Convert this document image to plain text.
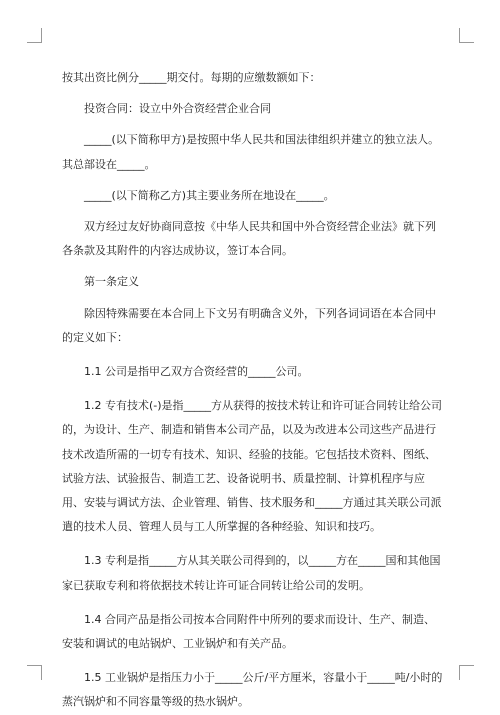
按其出资比例分_____期交付。每期的应缴数额如下：

投资合同：设立中外合资经营企业合同

_____(以下简称甲方)是按照中华人民共和国法律组织并建立的独立法人。其总部设在_____。

_____(以下简称乙方)其主要业务所在地设在_____。

双方经过友好协商同意按《中华人民共和国中外合资经营企业法》就下列各条款及其附件的内容达成协议，签订本合同。

第一条定义

除因特殊需要在本合同上下文另有明确含义外，下列各词词语在本合同中的定义如下：

1.1 公司是指甲乙双方合资经营的_____公司。

1.2 专有技术(-)是指_____方从获得的按技术转让和许可证合同转让给公司的，为设计、生产、制造和销售本公司产品，以及为改进本公司这些产品进行技术改造所需的一切专有技术、知识、经验的技能。它包括技术资料、图纸、试验方法、试验报告、制造工艺、设备说明书、质量控制、计算机程序与应用、安装与调试方法、企业管理、销售、技术服务和_____方通过其关联公司派遣的技术人员、管理人员与工人所掌握的各种经验、知识和技巧。

1.3 专利是指_____方从其关联公司得到的，以_____方在_____国和其他国家已获取专利和将依据技术转让许可证合同转让给公司的发明。

1.4 合同产品是指公司按本合同附件中所列的要求而设计、生产、制造、安装和调试的电站锅炉、工业锅炉和有关产品。

1.5 工业锅炉是指压力小于_____公斤/平方厘米，容量小于_____吨/小时的蒸汽锅炉和不同容量等级的热水锅炉。
